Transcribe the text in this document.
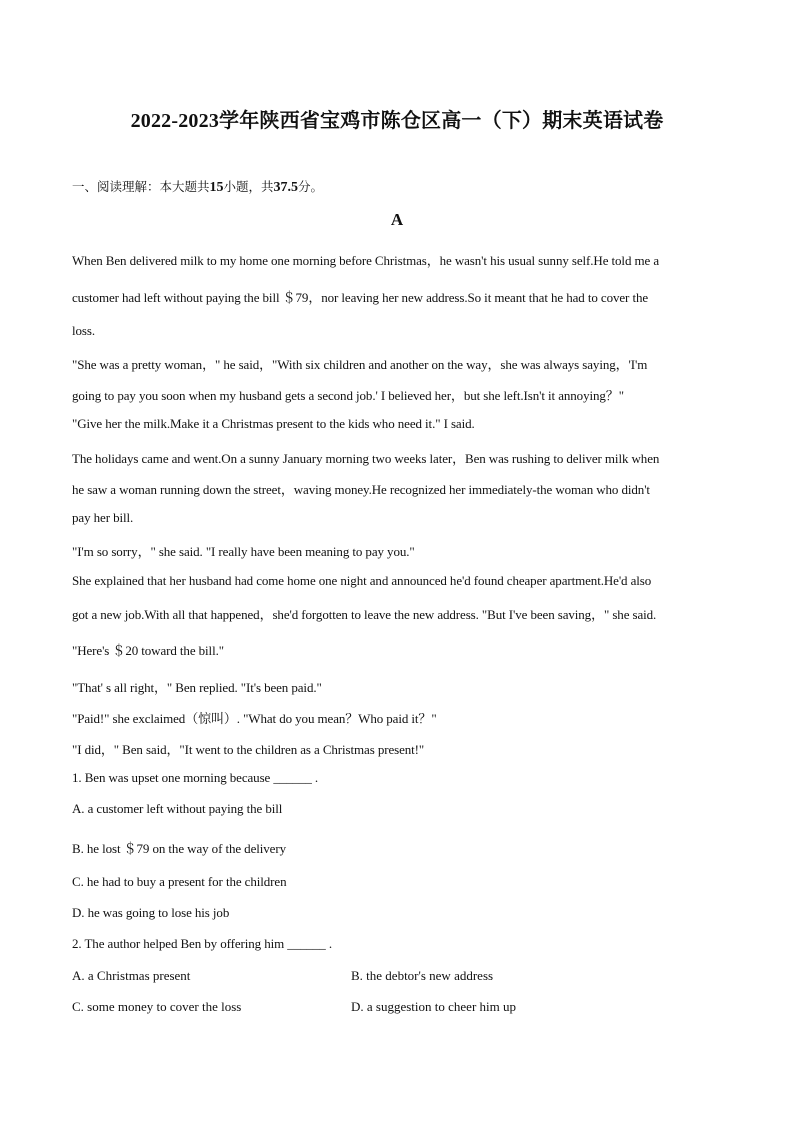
2022-2023学年陕西省宝鸡市陈仓区高一（下）期末英语试卷
一、阅读理解：本大题共15小题，共37.5分。
A
When Ben delivered milk to my home one morning before Christmas，he wasn't his usual sunny self.He told me a
customer had left without paying the bill ＄79，nor leaving her new address.So it meant that he had to cover the
loss.
"She was a pretty woman，" he said，"With six children and another on the way，she was always saying，'I'm
going to pay you soon when my husband gets a second job.' I believed her，but she left.Isn't it annoying？"
"Give her the milk.Make it a Christmas present to the kids who need it." I said.
The holidays came and went.On a sunny January morning two weeks later，Ben was rushing to deliver milk when
he saw a woman running down the street，waving money.He recognized her immediately-the woman who didn't
pay her bill.
"I'm so sorry，" she said. "I really have been meaning to pay you."
She explained that her husband had come home one night and announced he'd found cheaper apartment.He'd also
got a new job.With all that happened，she'd forgotten to leave the new address. "But I've been saving，" she said.
"Here's ＄20 toward the bill."
"That' s all right，" Ben replied. "It's been paid."
"Paid!" she exclaimed（惊叫）. "What do you mean？Who paid it？"
"I did，" Ben said，"It went to the children as a Christmas present!"
1. Ben was upset one morning because ______ .
A. a customer left without paying the bill
B. he lost ＄79 on the way of the delivery
C. he had to buy a present for the children
D. he was going to lose his job
2. The author helped Ben by offering him ______ .
A. a Christmas present	B. the debtor's new address
C. some money to cover the loss	D. a suggestion to cheer him up
